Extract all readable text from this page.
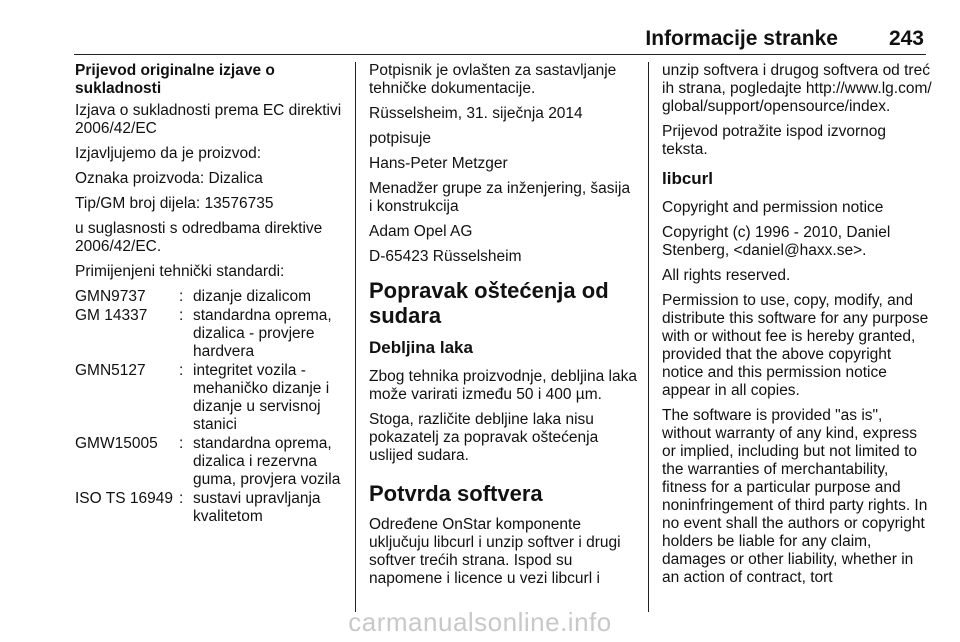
Informacije stranke 243
Prijevod originalne izjave o sukladnosti

Izjava o sukladnosti prema EC direktivi 2006/42/EC

Izjavljujemo da je proizvod:

Oznaka proizvoda: Dizalica

Tip/GM broj dijela: 13576735

u suglasnosti s odredbama direktive 2006/42/EC.

Primijenjeni tehnički standardi:

GMN9737	:	dizanje dizalicom
GM 14337	:	standardna oprema, dizalica - provjere hardvera
GMN5127	:	integritet vozila - mehaničko dizanje i dizanje u servisnoj stanici
GMW15005	:	standardna oprema, dizalica i rezervna guma, provjera vozila
ISO TS 16949	:	sustavi upravljanja kvalitetom

Potpisnik je ovlašten za sastavljanje tehničke dokumentacije.

Rüsselsheim, 31. siječnja 2014

potpisuje

Hans-Peter Metzger

Menadžer grupe za inženjering, šasija i konstrukcija

Adam Opel AG

D-65423 Rüsselsheim

Popravak oštećenja od sudara
Debljina laka

Zbog tehnika proizvodnje, debljina laka može varirati između 50 i 400 µm.

Stoga, različite debljine laka nisu pokazatelj za popravak oštećenja uslijed sudara.

Potvrda softvera

Određene OnStar komponente uključuju libcurl i unzip softver i drugi softver trećih strana. Ispod su napomene i licence u vezi libcurl i

unzip softvera i drugog softvera od trećih strana, pogledajte http://www.lg.com/global/support/opensource/index.

Prijevod potražite ispod izvornog teksta.

libcurl

Copyright and permission notice

Copyright (c) 1996 - 2010, Daniel Stenberg, <daniel@haxx.se>.

All rights reserved.

Permission to use, copy, modify, and distribute this software for any purpose with or without fee is hereby granted, provided that the above copyright notice and this permission notice appear in all copies.

The software is provided "as is", without warranty of any kind, express or implied, including but not limited to the warranties of merchantability, fitness for a particular purpose and noninfringement of third party rights. In no event shall the authors or copyright holders be liable for any claim, damages or other liability, whether in an action of contract, tort

carmanualsonline.info
